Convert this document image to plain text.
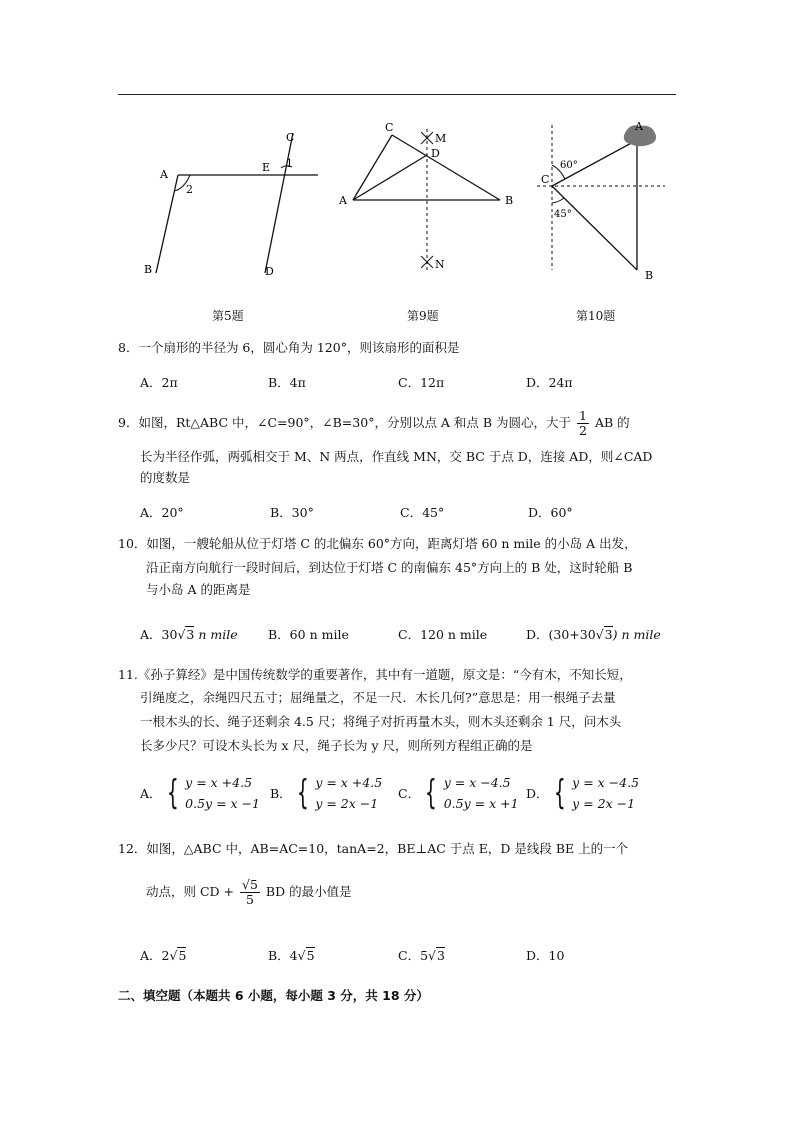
A
B
C
D
E 1
2
第5题
A	B
C
D
M
N
第9题
A
B
C
60°
45°
第10题
8．一个扇形的半径为 6，圆心角为 120°，则该扇形的面积是
A．2π	B．4π	C．12π	D．24π
9．如图，Rt△ABC 中，∠C=90°，∠B=30°，分别以点 A 和点 B 为圆心，大于 $\frac{1}{2}$ AB 的
长为半径作弧，两弧相交于 M、N 两点，作直线 MN，交 BC 于点 D，连接 AD，则∠CAD
的度数是
A．20°	B．30°	C．45°	D．60°
10．如图，一艘轮船从位于灯塔 C 的北偏东 60°方向，距离灯塔 60 n mile 的小岛 A 出发，
沿正南方向航行一段时间后，到达位于灯塔 C 的南偏东 45°方向上的 B 处，这时轮船 B
与小岛 A 的距离是
A．30√3 n mile B．60 n mile	C．120 n mile	D．(30+30√3) n mile
11.《孙子算经》是中国传统数学的重要著作，其中有一道题，原文是：“今有木，不知长短，
引绳度之，余绳四尺五寸；屈绳量之，不足一尺．木长几何?”意思是：用一根绳子去量
一根木头的长、绳子还剩余 4.5 尺；将绳子对折再量木头，则木头还剩余 1 尺，问木头
长多少尺？可设木头长为 x 尺，绳子长为 y 尺，则所列方程组正确的是
A． { y = x +4.5
0.5y = x −1
B． { y = x +4.5
y = 2x −1
C． { y = x −4.5
0.5y = x +1
D． { y = x −4.5
y = 2x −1
12．如图，△ABC 中，AB=AC=10，tanA=2，BE⊥AC 于点 E，D 是线段 BE 上的一个
动点，则 CD + $\frac{√5}{5}$ BD 的最小值是
A．2√5	B．4√5	C．5√3	D．10
二、填空题（本题共 6 小题，每小题 3 分，共 18 分）
